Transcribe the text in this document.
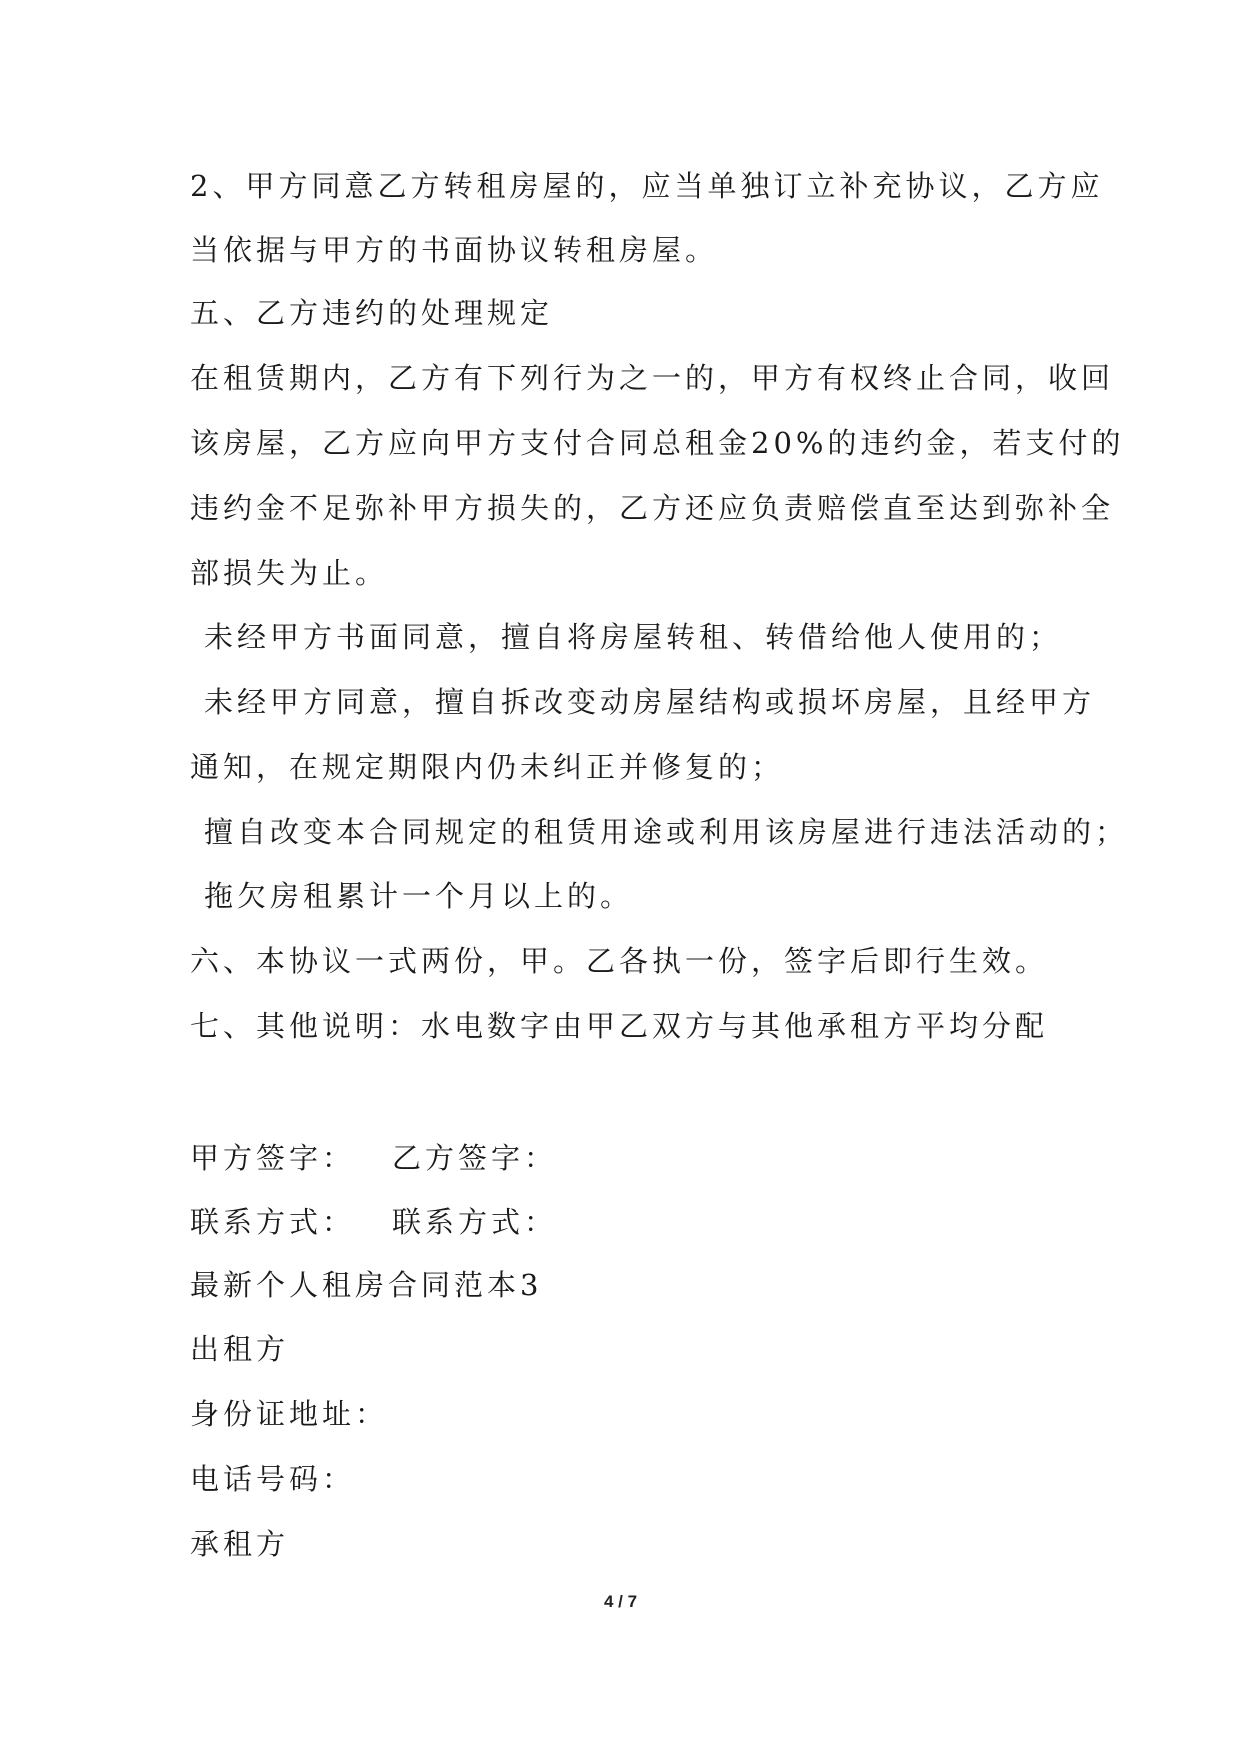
2、甲方同意乙方转租房屋的，应当单独订立补充协议，乙方应
当依据与甲方的书面协议转租房屋。
五、乙方违约的处理规定
在租赁期内，乙方有下列行为之一的，甲方有权终止合同，收回
该房屋，乙方应向甲方支付合同总租金20%的违约金，若支付的
违约金不足弥补甲方损失的，乙方还应负责赔偿直至达到弥补全
部损失为止。
未经甲方书面同意，擅自将房屋转租、转借给他人使用的；
未经甲方同意，擅自拆改变动房屋结构或损坏房屋，且经甲方
通知，在规定期限内仍未纠正并修复的；
擅自改变本合同规定的租赁用途或利用该房屋进行违法活动的；
拖欠房租累计一个月以上的。
六、本协议一式两份，甲。乙各执一份，签字后即行生效。
七、其他说明：水电数字由甲乙双方与其他承租方平均分配
甲方签字： 乙方签字：
联系方式： 联系方式：
最新个人租房合同范本3
出租方
身份证地址：
电话号码：
承租方
4 / 7
